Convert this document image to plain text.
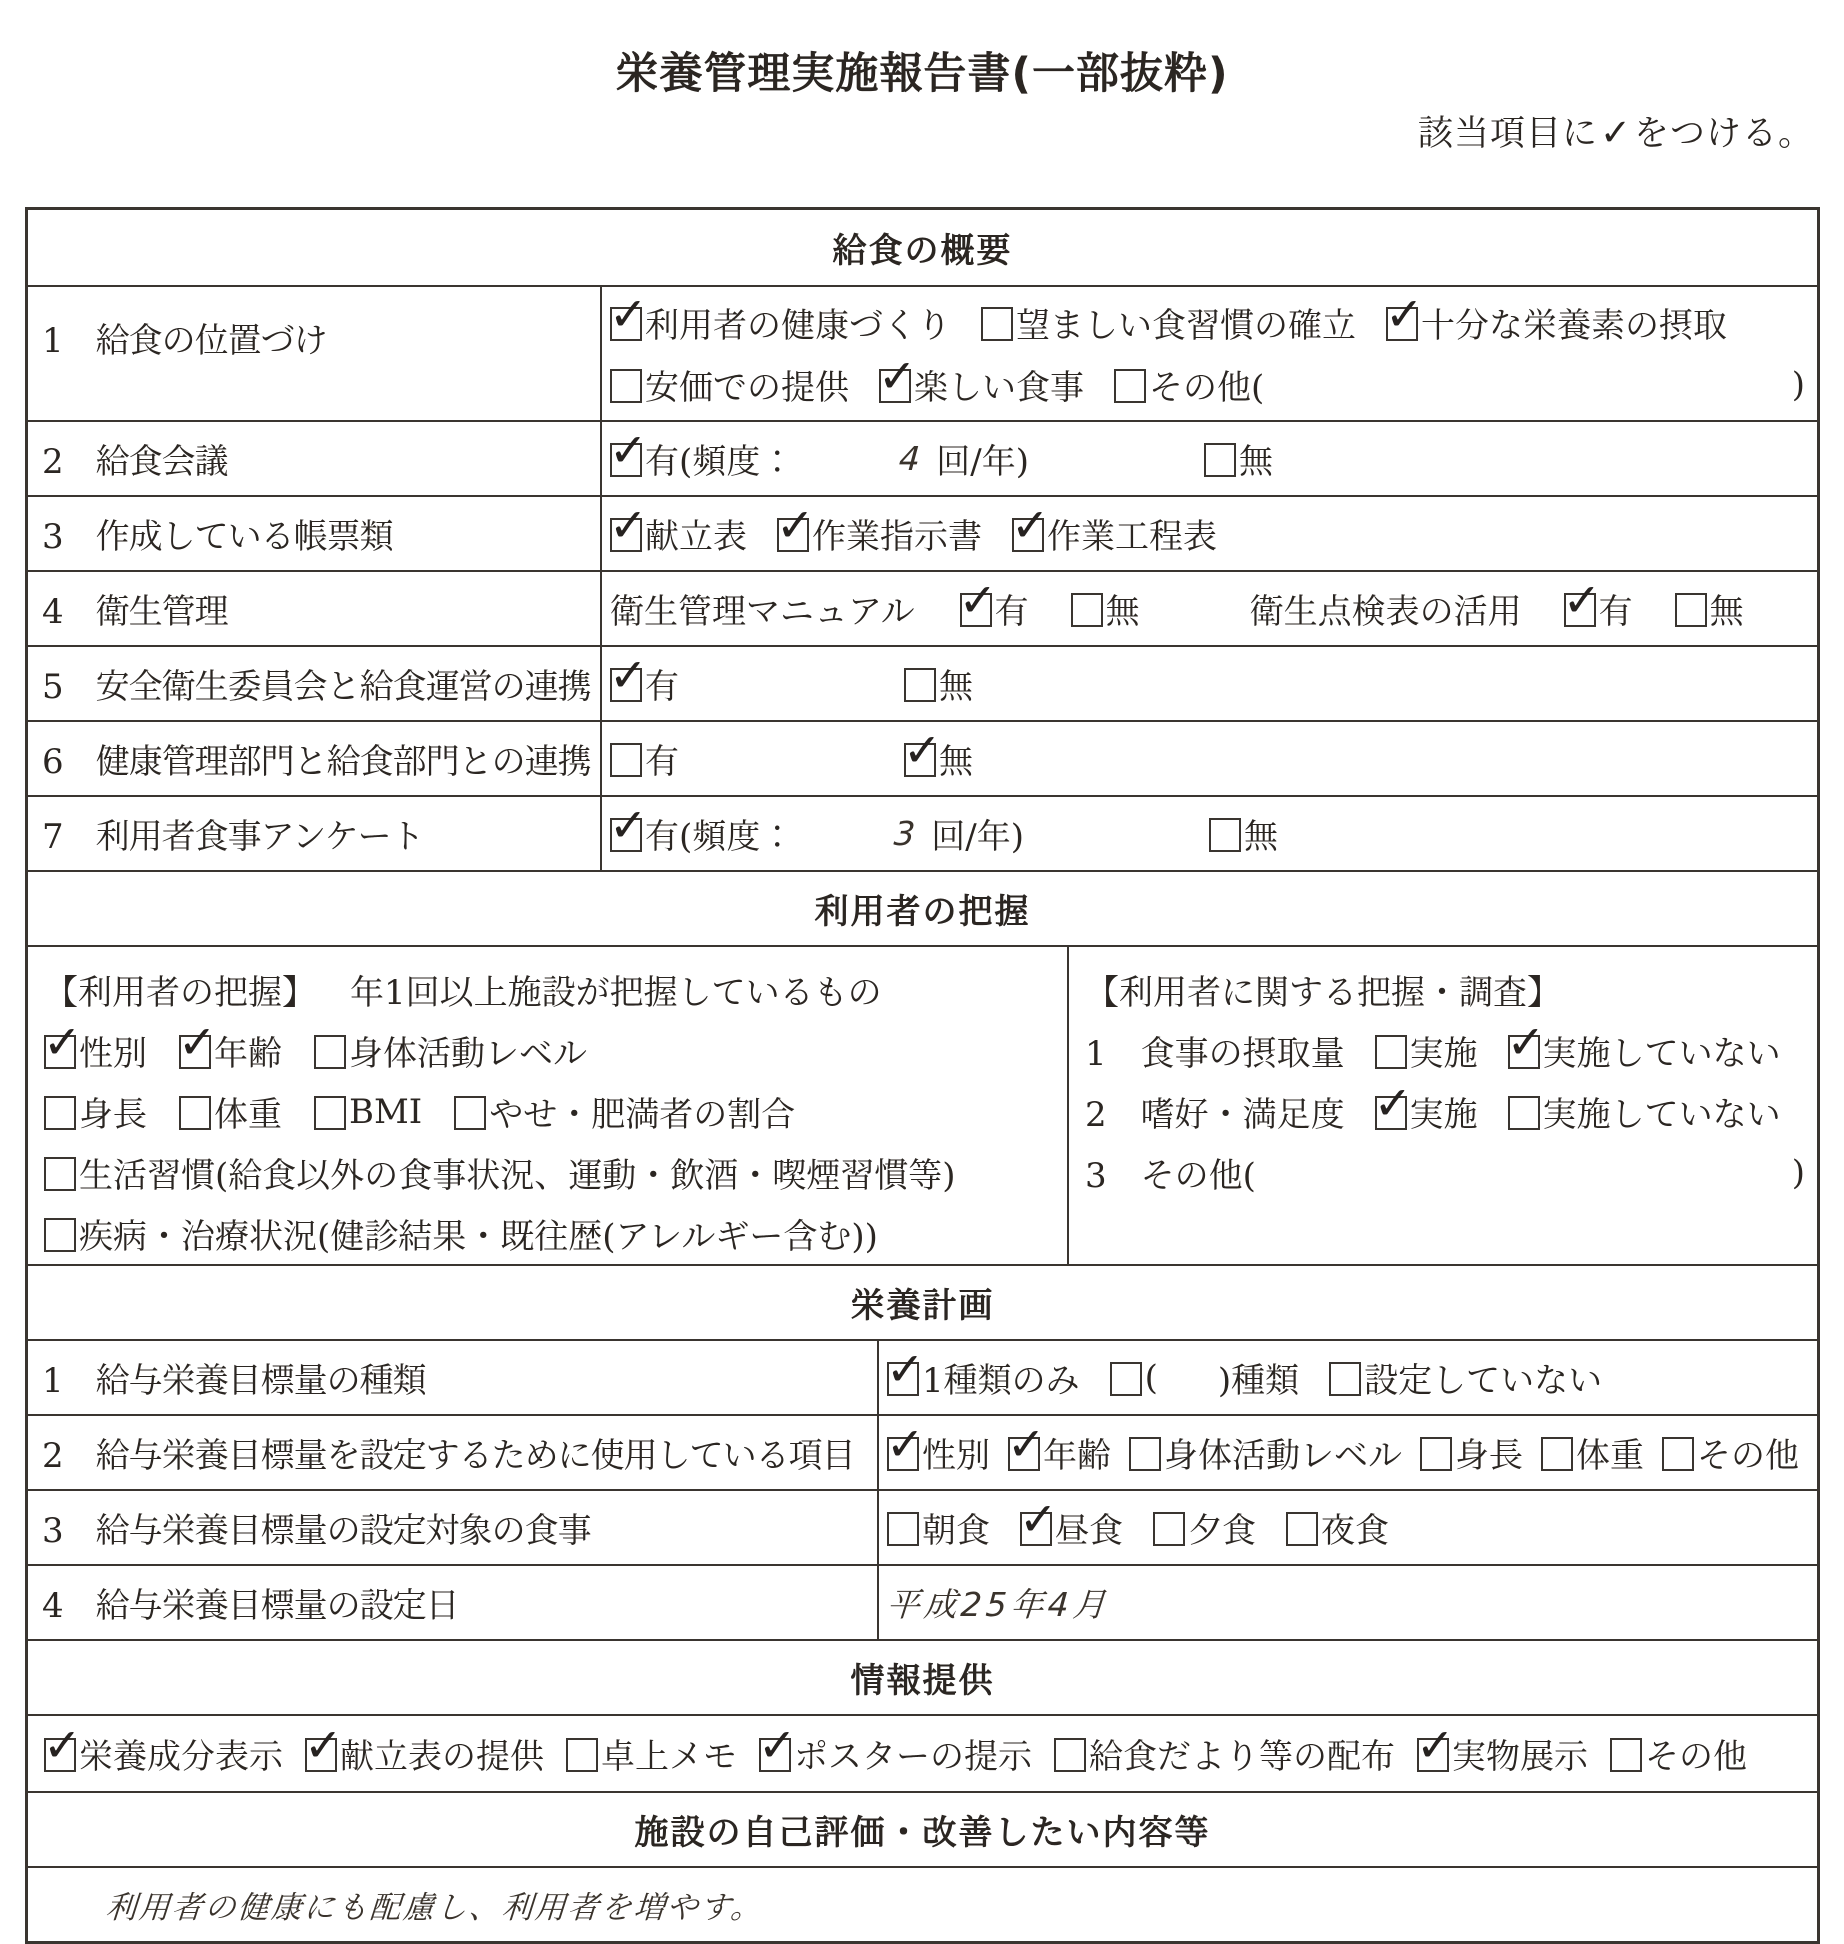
栄養管理実施報告書(一部抜粋)
該当項目に✓をつける。
給食の概要
1　給食の位置づけ ✓	利用者の健康づくり 望ましい食習慣の確立 ✓ 十分な栄養素の摂取
安価での提供 ✓ 楽しい食事 その他(	)
2　給食会議 ✓	有(頻度：	4 回/年)	無
3　作成している帳票類 ✓	献立表 ✓ 作業指示書 ✓ 作業工程表
4　衛生管理	衛生管理マニュアル ✓ 有 無	衛生点検表の活用 ✓ 有 無
5　安全衛生委員会と給食運営の連携 ✓	有	無
6　健康管理部門と給食部門との連携	有 ✓	無
7　利用者食事アンケート ✓	有(頻度：	3 回/年)	無
利用者の把握
【利用者の把握】 年1回以上施設が把握しているもの
✓
性別 ✓ 年齢 身体活動レベル
身長 体重 BMI やせ・肥満者の割合
生活習慣(給食以外の食事状況、運動・飲酒・喫煙習慣等)
疾病・治療状況(健診結果・既往歴(アレルギー含む))
【利用者に関する把握・調査】
1　食事の摂取量 実施 ✓ 実施していない
2　嗜好・満足度 ✓ 実施 実施していない
3　その他(	)
栄養計画
1　給与栄養目標量の種類 ✓	1種類のみ ( )種類 設定していない
2　給与栄養目標量を設定するために使用している項目 ✓	性別 ✓ 年齢 身体活動レベル 身長 体重 その他
3　給与栄養目標量の設定対象の食事	朝食 ✓ 昼食 夕食 夜食
4　給与栄養目標量の設定日	平成25年4月
情報提供
✓
栄養成分表示 ✓ 献立表の提供 卓上メモ ✓ ポスターの提示 給食だより等の配布 ✓ 実物展示 その他
施設の自己評価・改善したい内容等
利用者の健康にも配慮し、利用者を増やす。
